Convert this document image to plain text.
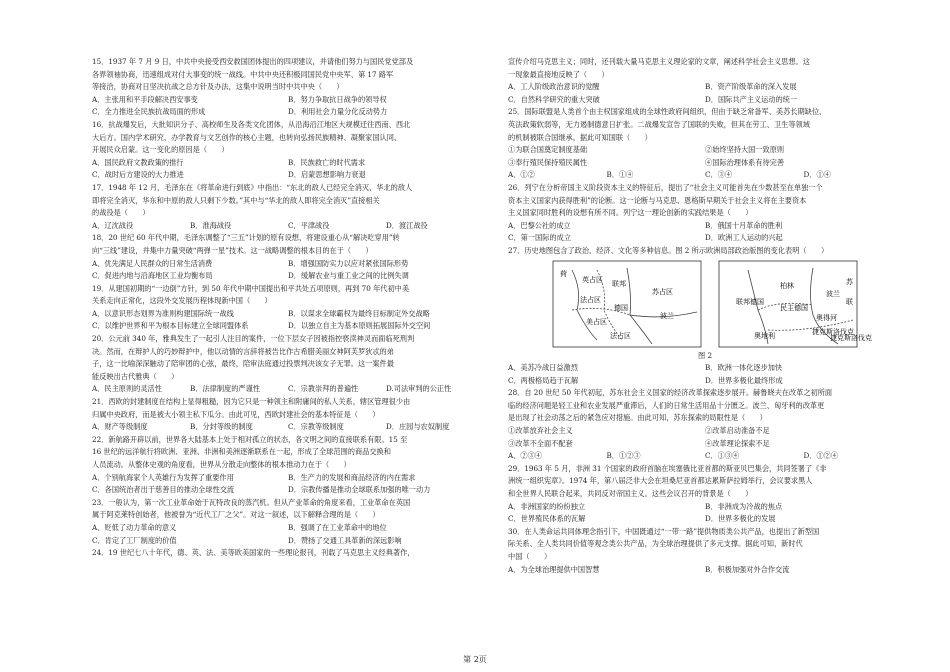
15．1937 年 7 月 9 日，中共中央接受西安救国团体提出的四项建议，并请他们努力与国民党党部及

各界领袖协商，迅速组成对付大事变的统一战线。中共中央还积极同国民党中央军、第 17 路军

等接洽，协商对日坚决抗战之总方针及办法，这集中说明当时中共中央（　　）

A．主张用和平手段解决西安事变	B．努力争取抗日战争的领导权
C．全力推进全民族抗战局面的形成	D．利用社会力量分化反动势力

16．抗战爆发后，大批知识分子、高校师生及各类文化团体，从沿海沿江地区大规模迁往西南、西北

大后方。国内学术研究、办学教育与文艺创作的核心主题，也转向弘扬民族精神、凝聚家国认同、

开展民众启蒙。这一变化的原因是（　　）

A．国民政府文教政策的推行	B．民族救亡的时代需求
C．战时后方建设的大力推进	D．启蒙思想影响力衰退

17．1948 年 12 月，毛泽东在《将革命进行到底》中指出：“东北的敌人已经完全消灭，华北的敌人

即将完全消灭，华东和中原的敌人只剩下少数。”其中与“华北的敌人即将完全消灭”直接相关

的战役是（　　）

A．辽沈战役	B．淮海战役	C．平津战役	D．渡江战役

18．20 世纪 60 年代中期，毛泽东调整了“三五”计划的原有设想，将建设重心从“解决吃穿用”转

向“三线”建设，并集中力量突破“两弹一星”技术。这一战略调整的根本目的在于（　　）

A．优先满足人民群众的日常生活消费	B．增强国防实力以应对紧张国际形势
C．促进内地与沿海地区工业均衡布局	D．缓解农业与重工业之间的比例失调

19．从建国初期的“一边倒”方针，到 50 年代中期中国提出和平共处五项原则，再到 70 年代初中美

关系走向正常化，这段外交发展历程体现新中国（　　）

A．以意识形态划界为准则构建国际统一战线	B．以谋求全球霸权为最终目标制定外交战略
C．以维护世界和平为根本目标建立全球同盟体系	D．以独立自主为基本原则拓展国际外交空间

20．公元前 340 年，雅典发生了一起引人注目的案件，一位下层女子因被指控亵渎神灵而面临死刑判

决。然而，在辩护人的巧妙辩护中，他以动情的言辞将被告比作古希腊美丽女神阿芙罗狄忒的弟

子，这一比喻深深触动了陪审团的心弦，最终，陪审法庭通过投票判决该女子无罪。这一案件最

能反映出古代雅典（　　）

A．民主原则的灵活性	B．法律制度的严谨性	C．宗教崇拜的普遍性	D.司法审判的公正性

21．西欧的封建制度在结构上显得粗糙，因为它只是一种领主和附庸间的私人关系，辖区管理很少由

归属中央政府，而是被大小领主私下瓜分。由此可见，西欧封建社会的基本特征是（　　）

A．财产等级制度	B．分封等级的制度	C．宗教等级制度	D．庄园与农奴制度

22．新航路开辟以前，世界各大陆基本上处于相对孤立的状态，各文明之间的直接联系有限。15 至

16 世纪的远洋航行将欧洲、亚洲、非洲和美洲逐渐联系在一起，形成了全球范围的商品交换和

人员流动。从整体史观的角度看，世界从分散走向整体的根本推动力在于（　　）

A．个别航海家个人英雄行为发挥了重要作用	B．生产力的发展和商品经济的内在需求
C．各国统治者出于慈善目的推动全球性交流	D．宗教传播是推动全球联系加强的唯一动力

23．一般认为，第一次工业革命始于瓦特改良的蒸汽机。但从产业革命的角度来看，工业革命在英国

属于阿克莱特创始者，他被誉为“近代工厂之父”。对这一叙述，以下解释合理的是（　　）

A．贬低了动力革命的意义	B．强调了在工业革命中的地位
C．肯定了工厂制度的价值	D．赞扬了交通工具革新的深远影响

24．19 世纪七八十年代，德、英、法、美等欧美国家的一些理论报刊，刊载了马克思主义经典著作，

宣传介绍马克思主义；同时，还刊载大量马克思主义理论家的文章，阐述科学社会主义思想。这

一现象最直接地反映了（　　）

A．工人阶级政治意识的觉醒	B．资产阶级革命的深入发展
C．自然科学研究的重大突破	D．国际共产主义运动的统一

25．国际联盟是人类首个由主权国家组成的全球性政府间组织，但由于缺乏常备军、美苏长期缺位、

英法政策软弱等，无力遏制德意日扩张。二战爆发宣告了国联的失败，但其在劳工、卫生等领域

的机制被联合国继承。据此可知国联（　　）

①为联合国奠定制度基础	②始终坚持大国一致原则
③奉行殖民保持殖民属性	④国际治理体系有待完善
A．①②	B．①④	C．③④	D．①④

26．列宁在分析帝国主义阶段资本主义的特征后，提出了“社会主义可能首先在少数甚至在单独一个

资本主义国家内获得胜利”的论断。这一论断与马克思、恩格斯早期关于社会主义将在主要资本

主义国家同时胜利的设想有所不同。列宁这一理论创新的实践结果是（　　）

A．巴黎公社的成立	B．俄国十月革命的胜利
C．第一国际的成立	D．欧洲工人运动的兴起

27．历史地图包含了政治、经济、文化等多种信息。图 2 所示欧洲局部政治版图的变化表明（　　）

荷
英占区 联邦
法占区
苏占区
德国
波兰
美占区
法占区
柏林
联邦德国
民主德国
波兰
奥地利
苏
联
奥得河
捷克斯洛伐克
捷克斯洛伐克

图 2

A．美苏冷战日益激烈	B．欧洲一体化逐步加快
C．两极格局趋于瓦解	D．世界多极化最终形成

28．自 20 世纪 50 年代初起，苏东社会主义国家的经济改革探索逐步展开。赫鲁晓夫在改革之初所面

临的经济问题是轻工业和农业发展严重滞后，人们的日常生活用品十分匮乏。波兰、匈牙利的改革更

是出现了社会动荡之后的紧急应对措施。由此可知，苏东探索的局限性是（　　）

①改革放弃社会主义	②改革启动准备不足
③改革不全面不配套	④改革理论探索不足
A．②③④	B．①②③	C．①③④	D．①②④

29．1963 年 5 月，非洲 31 个国家的政府首脑在埃塞俄比亚首都的斯亚贝巴集会，共同签署了《非

洲统一组织宪章》。1974 年，第八届泛非大会在坦桑尼亚首都达累斯萨拉姆举行，会议要求黑人

和全世界人民联合起来，共同反对帝国主义。这些会议召开的背景是（　　）

A．非洲国家的纷纷独立	B．非洲成为冷战的焦点
C．世界殖民体系的瓦解	D．世界多极化的发展

30．在人类命运共同体理念指引下，中国既通过“一带一路”提供物质类公共产品，也提出了新型国

际关系、全人类共同价值等观念类公共产品，为全球治理提供了多元支撑。据此可知，新时代

中国（　　）

A．为全球治理提供中国智慧	B．积极加强对外合作交流
第 2页
